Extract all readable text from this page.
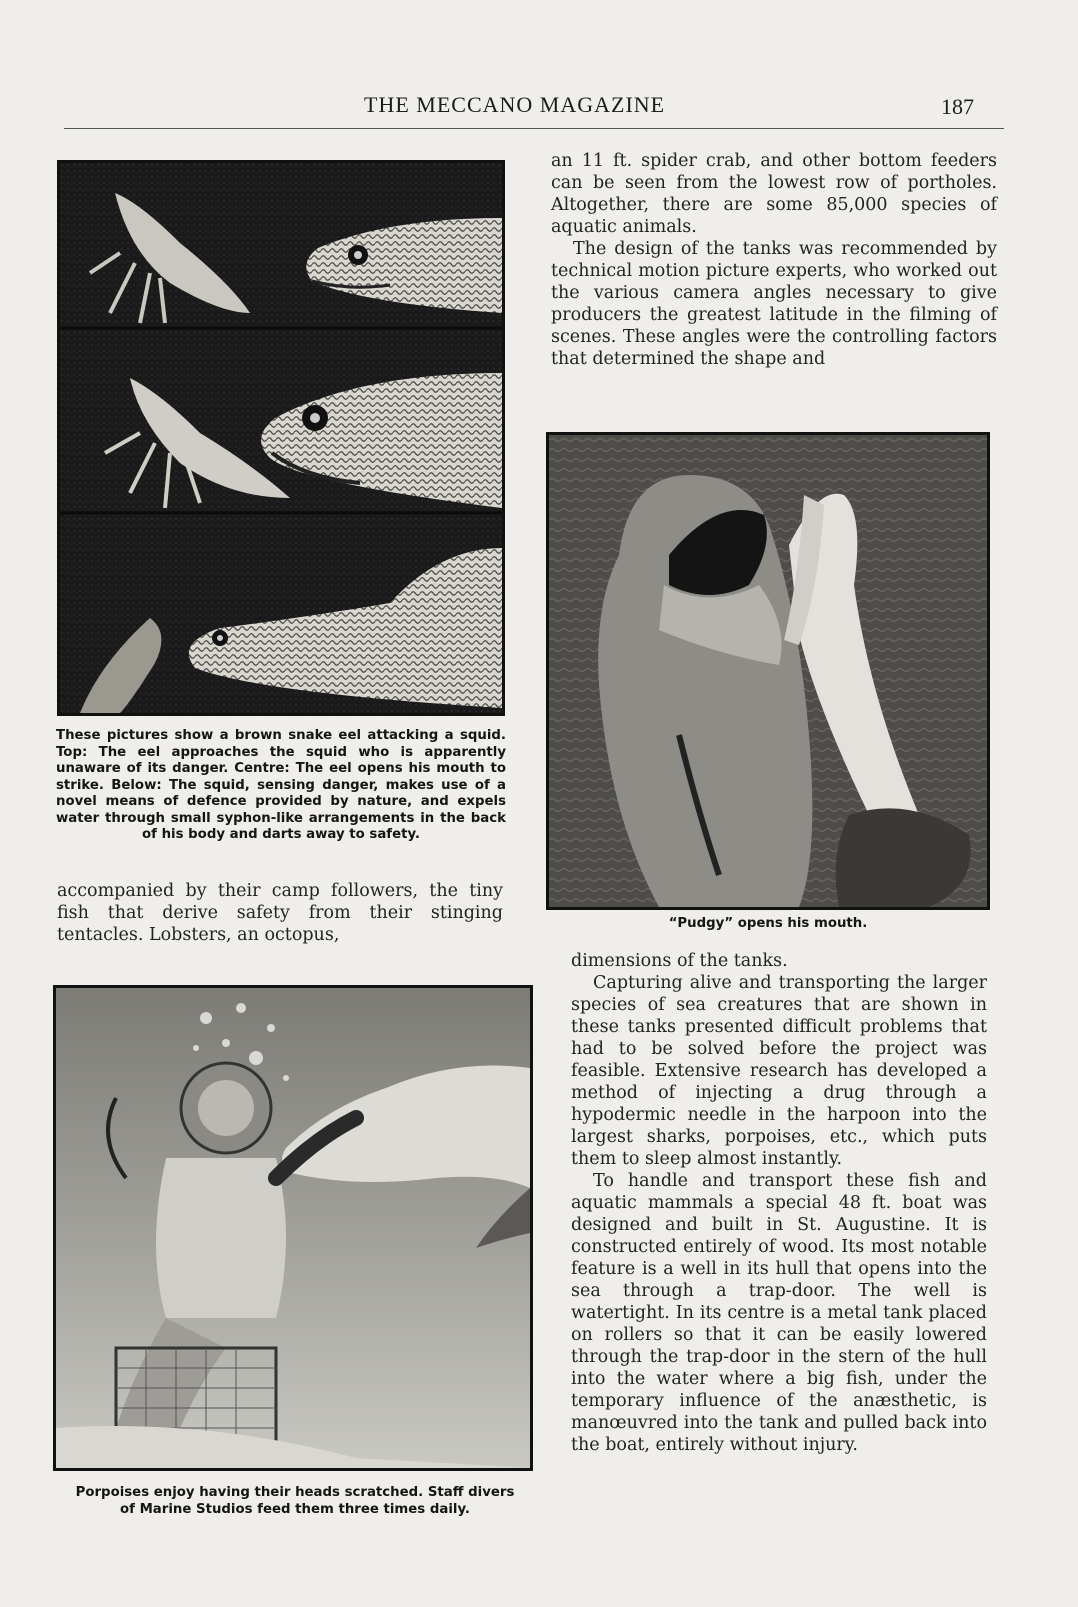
THE MECCANO MAGAZINE	187
These pictures show a brown snake eel attacking a squid. Top: The eel approaches the squid who is apparently unaware of its danger. Centre: The eel opens his mouth to strike. Below: The squid, sensing danger, makes use of a novel means of defence provided by nature, and expels water through small syphon-like arrangements in the back of his body and darts away to safety.

accompanied by their camp followers, the tiny fish that derive safety from their stinging tentacles. Lobsters, an octopus,

Porpoises enjoy having their heads scratched. Staff divers
of Marine Studios feed them three times daily.

an 11 ft. spider crab, and other bottom feeders can be seen from the lowest row of portholes. Altogether, there are some 85,000 species of aquatic animals.

The design of the tanks was recommended by technical motion picture experts, who worked out the various camera angles necessary to give producers the greatest latitude in the filming of scenes. These angles were the controlling factors that determined the shape and

“Pudgy” opens his mouth.

dimensions of the tanks.

Capturing alive and transporting the larger species of sea creatures that are shown in these tanks presented difficult problems that had to be solved before the project was feasible. Extensive research has developed a method of injecting a drug through a hypodermic needle in the harpoon into the largest sharks, porpoises, etc., which puts them to sleep almost instantly.

To handle and transport these fish and aquatic mammals a special 48 ft. boat was designed and built in St. Augustine. It is constructed entirely of wood. Its most notable feature is a well in its hull that opens into the sea through a trap-door. The well is watertight. In its centre is a metal tank placed on rollers so that it can be easily lowered through the trap-door in the stern of the hull into the water where a big fish, under the temporary influence of the anæsthetic, is manœuvred into the tank and pulled back into the boat, entirely without injury.
